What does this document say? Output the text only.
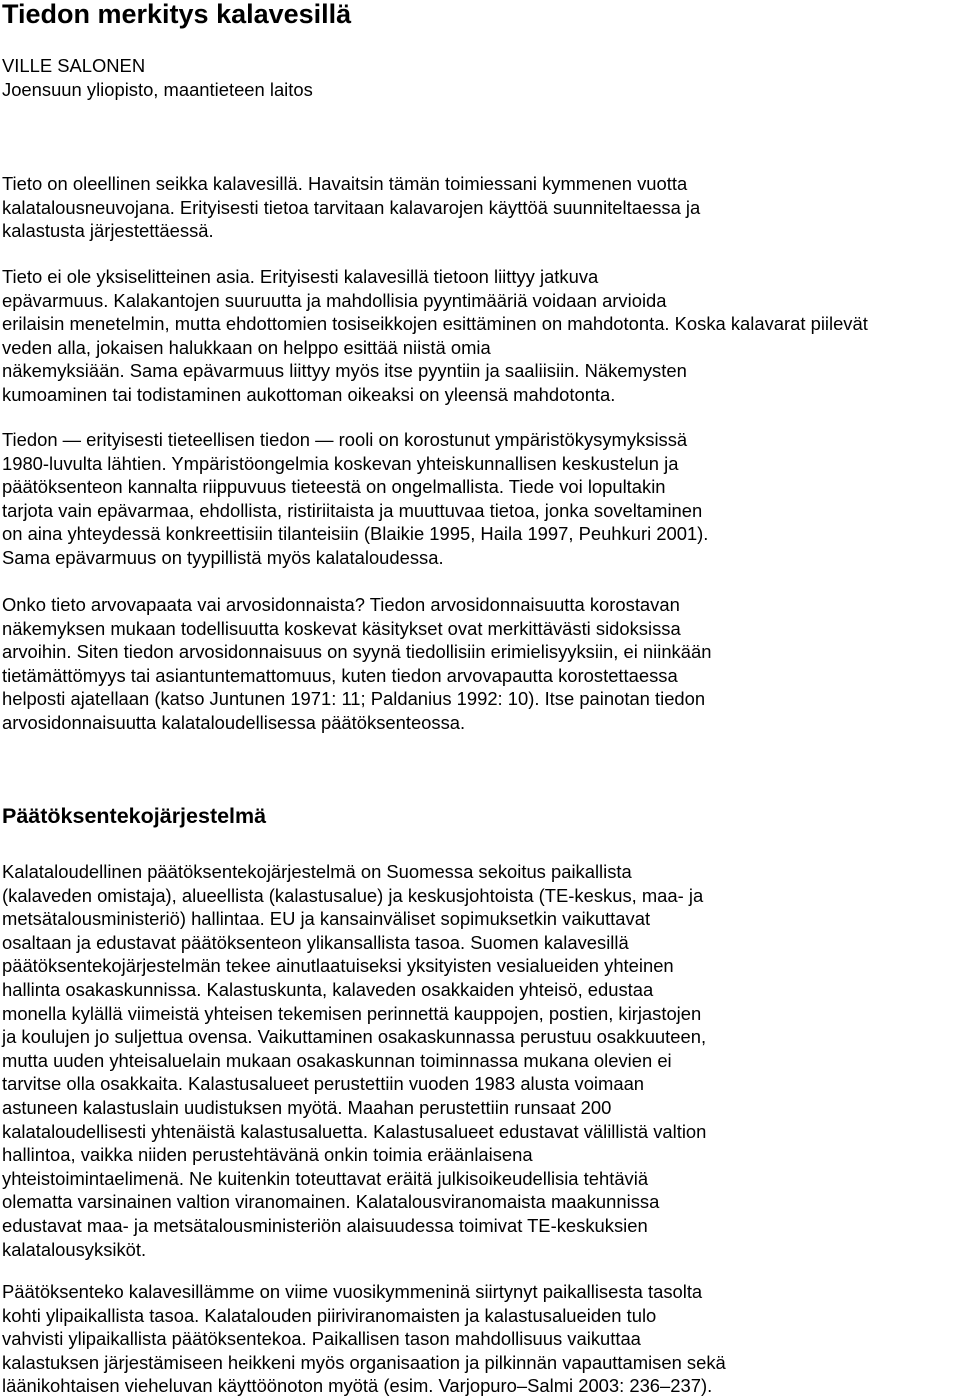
Tiedon merkitys kalavesillä
VILLE SALONEN
Joensuun yliopisto, maantieteen laitos

Tieto on oleellinen seikka kalavesillä. Havaitsin tämän toimiessani kymmenen vuotta
kalatalousneuvojana. Erityisesti tietoa tarvitaan kalavarojen käyttöä suunniteltaessa ja
kalastusta järjestettäessä.

Tieto ei ole yksiselitteinen asia. Erityisesti kalavesillä tietoon liittyy jatkuva
epävarmuus. Kalakantojen suuruutta ja mahdollisia pyyntimääriä voidaan arvioida
erilaisin menetelmin, mutta ehdottomien tosiseikkojen esittäminen on mahdotonta. Koska kalavarat piilevät
veden alla, jokaisen halukkaan on helppo esittää niistä omia
näkemyksiään. Sama epävarmuus liittyy myös itse pyyntiin ja saaliisiin. Näkemysten
kumoaminen tai todistaminen aukottoman oikeaksi on yleensä mahdotonta.

Tiedon — erityisesti tieteellisen tiedon — rooli on korostunut ympäristökysymyksissä
1980-luvulta lähtien. Ympäristöongelmia koskevan yhteiskunnallisen keskustelun ja
päätöksenteon kannalta riippuvuus tieteestä on ongelmallista. Tiede voi lopultakin
tarjota vain epävarmaa, ehdollista, ristiriitaista ja muuttuvaa tietoa, jonka soveltaminen
on aina yhteydessä konkreettisiin tilanteisiin (Blaikie 1995, Haila 1997, Peuhkuri 2001).
Sama epävarmuus on tyypillistä myös kalataloudessa.

Onko tieto arvovapaata vai arvosidonnaista? Tiedon arvosidonnaisuutta korostavan
näkemyksen mukaan todellisuutta koskevat käsitykset ovat merkittävästi sidoksissa
arvoihin. Siten tiedon arvosidonnaisuus on syynä tiedollisiin erimielisyyksiin, ei niinkään
tietämättömyys tai asiantuntemattomuus, kuten tiedon arvovapautta korostettaessa
helposti ajatellaan (katso Juntunen 1971: 11; Paldanius 1992: 10). Itse painotan tiedon
arvosidonnaisuutta kalataloudellisessa päätöksenteossa.

Päätöksentekojärjestelmä

Kalataloudellinen päätöksentekojärjestelmä on Suomessa sekoitus paikallista
(kalaveden omistaja), alueellista (kalastusalue) ja keskusjohtoista (TE-keskus, maa- ja
metsätalousministeriö) hallintaa. EU ja kansainväliset sopimuksetkin vaikuttavat
osaltaan ja edustavat päätöksenteon ylikansallista tasoa. Suomen kalavesillä
päätöksentekojärjestelmän tekee ainutlaatuiseksi yksityisten vesialueiden yhteinen
hallinta osakaskunnissa. Kalastuskunta, kalaveden osakkaiden yhteisö, edustaa
monella kylällä viimeistä yhteisen tekemisen perinnettä kauppojen, postien, kirjastojen
ja koulujen jo suljettua ovensa. Vaikuttaminen osakaskunnassa perustuu osakkuuteen,
mutta uuden yhteisaluelain mukaan osakaskunnan toiminnassa mukana olevien ei
tarvitse olla osakkaita. Kalastusalueet perustettiin vuoden 1983 alusta voimaan
astuneen kalastuslain uudistuksen myötä. Maahan perustettiin runsaat 200
kalataloudellisesti yhtenäistä kalastusaluetta. Kalastusalueet edustavat välillistä valtion
hallintoa, vaikka niiden perustehtävänä onkin toimia eräänlaisena
yhteistoimintaelimenä. Ne kuitenkin toteuttavat eräitä julkisoikeudellisia tehtäviä
olematta varsinainen valtion viranomainen. Kalatalousviranomaista maakunnissa
edustavat maa- ja metsätalousministeriön alaisuudessa toimivat TE-keskuksien
kalatalousyksiköt.

Päätöksenteko kalavesillämme on viime vuosikymmeninä siirtynyt paikallisesta tasolta
kohti ylipaikallista tasoa. Kalatalouden piiriviranomaisten ja kalastusalueiden tulo
vahvisti ylipaikallista päätöksentekoa. Paikallisen tason mahdollisuus vaikuttaa
kalastuksen järjestämiseen heikkeni myös organisaation ja pilkinnän vapauttamisen sekä
läänikohtaisen vieheluvan käyttöönoton myötä (esim. Varjopuro–Salmi 2003: 236–237).
